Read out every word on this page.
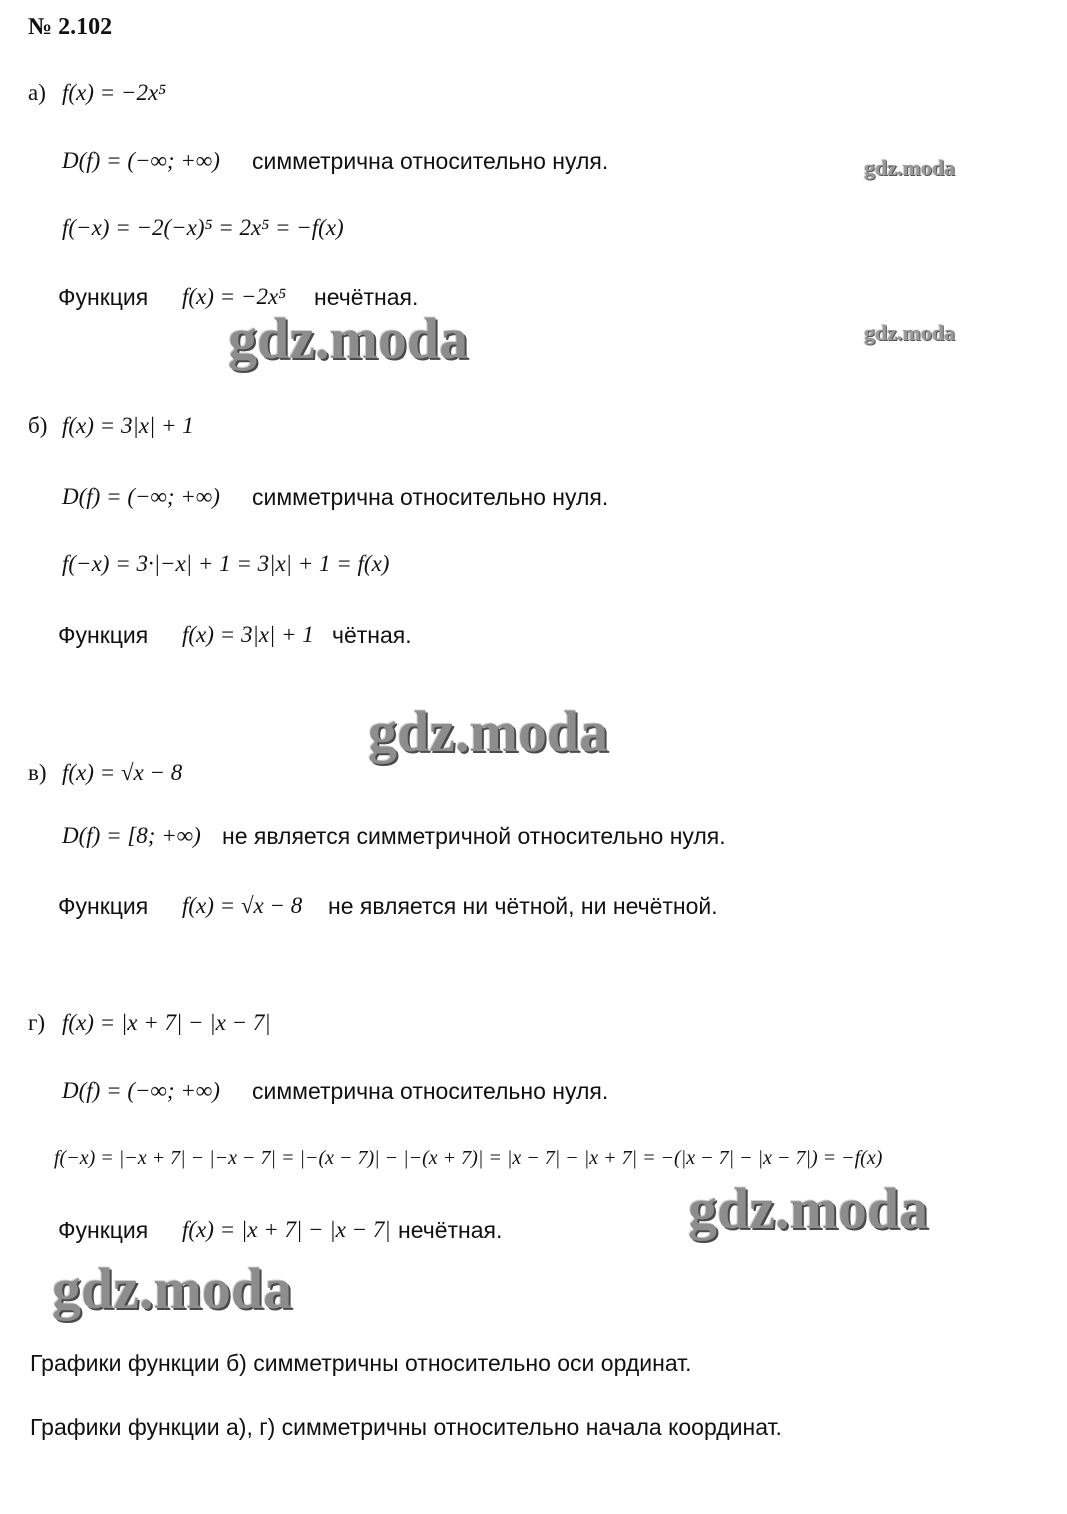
№ 2.102
а) f(x) = −2x⁵
D(f) = (−∞; +∞) симметрична относительно нуля.
f(−x) = −2(−x)⁵ = 2x⁵ = −f(x)
Функция f(x) = −2x⁵ нечётная.
б) f(x) = 3|x| + 1
D(f) = (−∞; +∞) симметрична относительно нуля.
f(−x) = 3·|−x| + 1 = 3|x| + 1 = f(x)
Функция f(x) = 3|x| + 1 чётная.
в) f(x) = √x − 8
D(f) = [8; +∞) не является симметричной относительно нуля.
Функция f(x) = √x − 8 не является ни чётной, ни нечётной.
г) f(x) = |x + 7| − |x − 7|
D(f) = (−∞; +∞) симметрична относительно нуля.
f(−x) = |−x + 7| − |−x − 7| = |−(x − 7)| − |−(x + 7)| = |x − 7| − |x + 7| = −(|x − 7| − |x − 7|) = −f(x)
Функция f(x) = |x + 7| − |x − 7| нечётная.
Графики функции б) симметричны относительно оси ординат.
Графики функции а), г) симметричны относительно начала координат.
gdz.moda
gdz.moda
gdz.moda
gdz.moda
gdz.moda
gdz.moda
